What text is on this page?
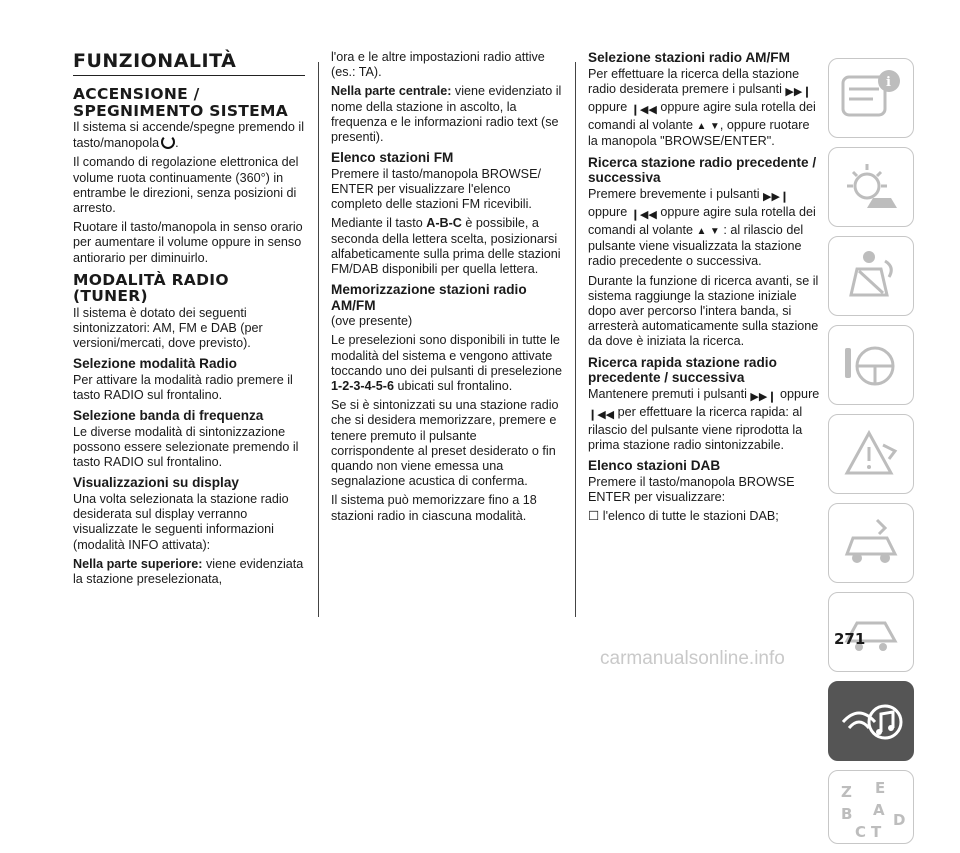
FUNZIONALITÀ
ACCENSIONE / SPEGNIMENTO SISTEMA

Il sistema si accende/spegne premendo il tasto/manopola .

Il comando di regolazione elettronica del volume ruota continuamente (360°) in entrambe le direzioni, senza posizioni di arresto.

Ruotare il tasto/manopola in senso orario per aumentare il volume oppure in senso antiorario per diminuirlo.

MODALITÀ RADIO (TUNER)

Il sistema è dotato dei seguenti sintonizzatori: AM, FM e DAB (per versioni/mercati, dove previsto).

Selezione modalità Radio

Per attivare la modalità radio premere il tasto RADIO sul frontalino.

Selezione banda di frequenza

Le diverse modalità di sintonizzazione possono essere selezionate premendo il tasto RADIO sul frontalino.

Visualizzazioni su display

Una volta selezionata la stazione radio desiderata sul display verranno visualizzate le seguenti informazioni (modalità INFO attivata):

Nella parte superiore: viene evidenziata la stazione preselezionata,

l'ora e le altre impostazioni radio attive (es.: TA).

Nella parte centrale: viene evidenziato il nome della stazione in ascolto, la frequenza e le informazioni radio text (se presenti).

Elenco stazioni FM

Premere il tasto/manopola BROWSE/ ENTER per visualizzare l'elenco completo delle stazioni FM ricevibili.

Mediante il tasto A-B-C è possibile, a seconda della lettera scelta, posizionarsi alfabeticamente sulla prima delle stazioni FM/DAB disponibili per quella lettera.

Memorizzazione stazioni radio AM/FM

(ove presente)

Le preselezioni sono disponibili in tutte le modalità del sistema e vengono attivate toccando uno dei pulsanti di preselezione 1-2-3-4-5-6 ubicati sul frontalino.

Se si è sintonizzati su una stazione radio che si desidera memorizzare, premere e tenere premuto il pulsante corrispondente al preset desiderato o fin quando non viene emessa una segnalazione acustica di conferma.

Il sistema può memorizzare fino a 18 stazioni radio in ciascuna modalità.

Selezione stazioni radio AM/FM

Per effettuare la ricerca della stazione radio desiderata premere i pulsanti ▶▶❙ oppure ❙◀◀ oppure agire sula rotella dei comandi al volante ▲ ▼, oppure ruotare la manopola "BROWSE/ENTER".

Ricerca stazione radio precedente / successiva

Premere brevemente i pulsanti ▶▶❙ oppure ❙◀◀ oppure agire sula rotella dei comandi al volante ▲ ▼ : al rilascio del pulsante viene visualizzata la stazione radio precedente o successiva.

Durante la funzione di ricerca avanti, se il sistema raggiunge la stazione iniziale dopo aver percorso l'intera banda, si arresterà automaticamente sulla stazione da dove è iniziata la ricerca.

Ricerca rapida stazione radio precedente / successiva

Mantenere premuti i pulsanti ▶▶❙ oppure ❙◀◀ per effettuare la ricerca rapida: al rilascio del pulsante viene riprodotta la prima stazione radio sintonizzabile.

Elenco stazioni DAB

Premere il tasto/manopola BROWSE ENTER per visualizzare:

☐ l'elenco di tutte le stazioni DAB;

i
Z E
B A
D
C T
271
carmanualsonline.info
